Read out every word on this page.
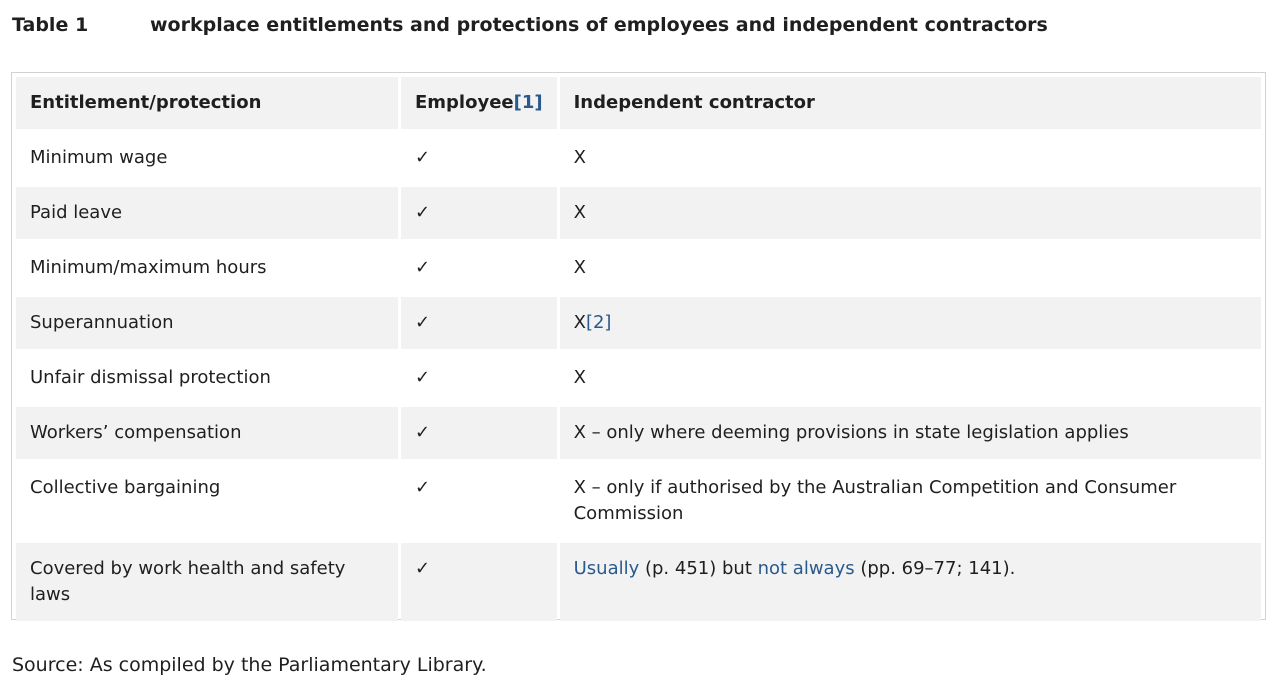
Table 1	workplace entitlements and protections of employees and independent contractors
Entitlement/protection	Employee[1]	Independent contractor
Minimum wage	✓	X
Paid leave	✓	X
Minimum/maximum hours	✓	X
Superannuation	✓	X[2]
Unfair dismissal protection	✓	X
Workers’ compensation	✓	X – only where deeming provisions in state legislation applies
Collective bargaining	✓	X – only if authorised by the Australian Competition and Consumer Commission
Covered by work health and safety laws	✓	Usually (p. 451) but not always (pp. 69–77; 141).
Source: As compiled by the Parliamentary Library.
